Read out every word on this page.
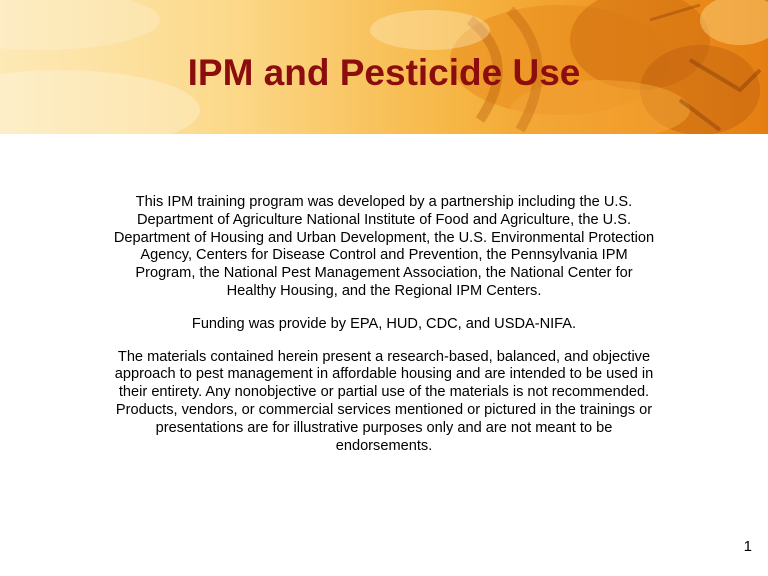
IPM and Pesticide Use

This IPM training program was developed by a partnership including the U.S. Department of Agriculture National Institute of Food and Agriculture, the U.S. Department of Housing and Urban Development, the U.S. Environmental Protection Agency, Centers for Disease Control and Prevention, the Pennsylvania IPM Program, the National Pest Management Association, the National Center for Healthy Housing, and the Regional IPM Centers.

Funding was provide by EPA, HUD, CDC, and USDA-NIFA.

The materials contained herein present a research-based, balanced, and objective approach to pest management in affordable housing and are intended to be used in their entirety. Any nonobjective or partial use of the materials is not recommended. Products, vendors, or commercial services mentioned or pictured in the trainings or presentations are for illustrative purposes only and are not meant to be endorsements.

1
